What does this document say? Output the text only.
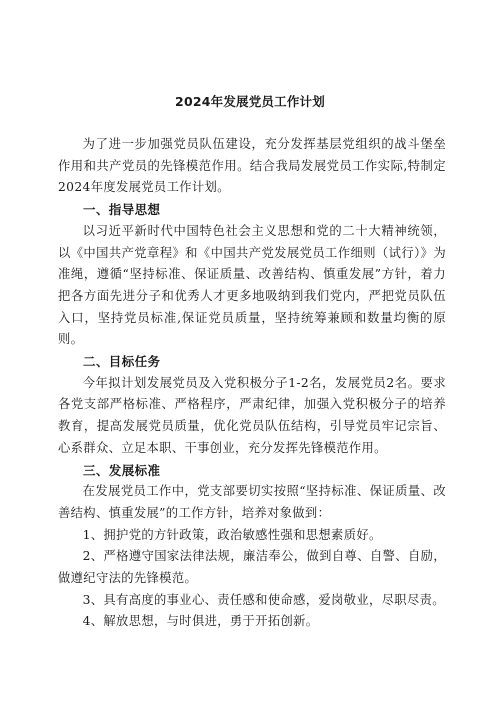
2024年发展党员工作计划

为了进一步加强党员队伍建设，充分发挥基层党组织的战斗堡垒作用和共产党员的先锋模范作用。结合我局发展党员工作实际,特制定2024年度发展党员工作计划。

一、指导思想

以习近平新时代中国特色社会主义思想和党的二十大精神统领，以《中国共产党章程》和《中国共产党发展党员工作细则（试行）》为准绳，遵循“坚持标准、保证质量、改善结构、慎重发展”方针，着力把各方面先进分子和优秀人才更多地吸纳到我们党内，严把党员队伍入口，坚持党员标准,保证党员质量，坚持统筹兼顾和数量均衡的原则。

二、目标任务

今年拟计划发展党员及入党积极分子1-2名，发展党员2名。要求各党支部严格标准、严格程序，严肃纪律，加强入党积极分子的培养教育，提高发展党员质量，优化党员队伍结构，引导党员牢记宗旨、心系群众、立足本职、干事创业，充分发挥先锋模范作用。

三、发展标准

在发展党员工作中，党支部要切实按照“坚持标准、保证质量、改善结构、慎重发展”的工作方针，培养对象做到：

1、拥护党的方针政策，政治敏感性强和思想素质好。

2、严格遵守国家法律法规，廉洁奉公，做到自尊、自警、自励，做遵纪守法的先锋模范。

3、具有高度的事业心、责任感和使命感，爱岗敬业，尽职尽责。

4、解放思想，与时俱进，勇于开拓创新。
